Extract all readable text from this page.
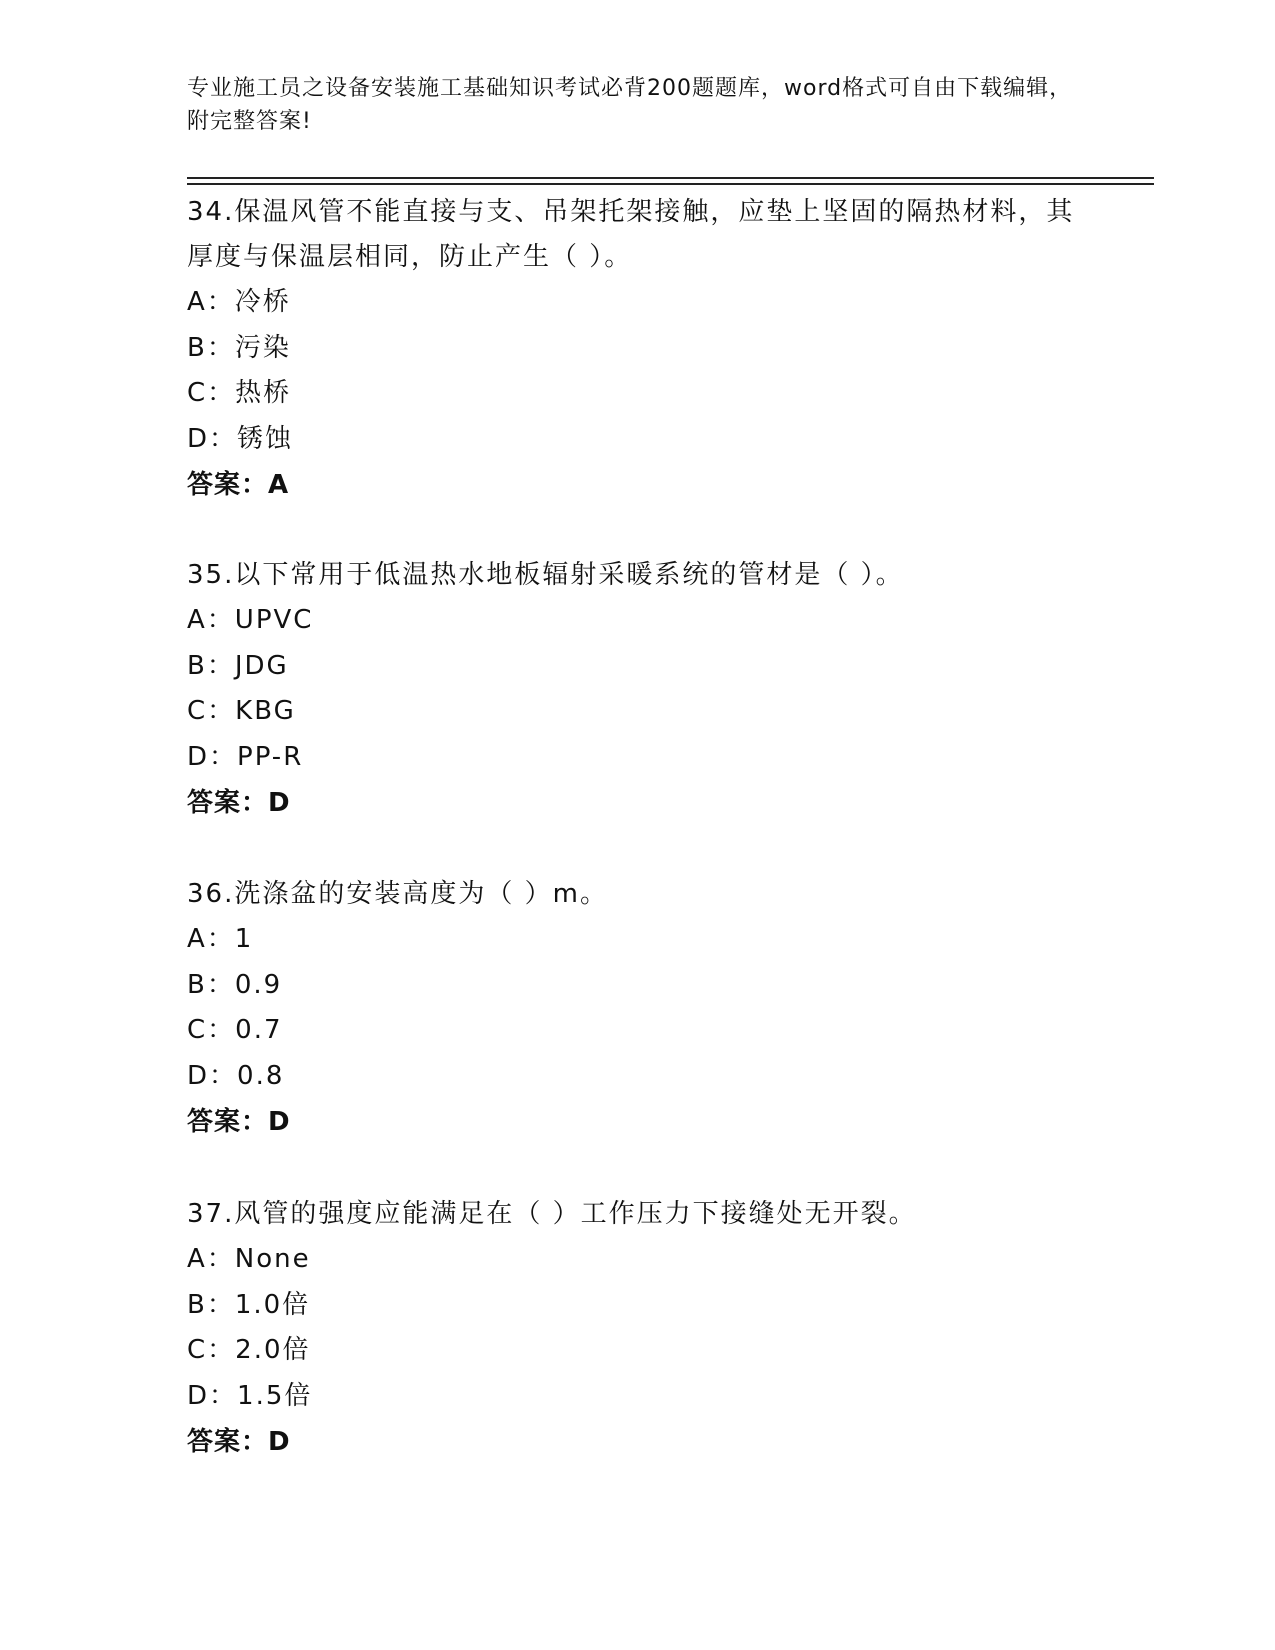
专业施工员之设备安装施工基础知识考试必背200题题库，word格式可自由下载编辑，附完整答案!

34.保温风管不能直接与支、吊架托架接触，应垫上坚固的隔热材料，其厚度与保温层相同，防止产生（ ）。

A：冷桥

B：污染

C：热桥

D：锈蚀

答案：A

35.以下常用于低温热水地板辐射采暖系统的管材是（ ）。

A：UPVC

B：JDG

C：KBG

D：PP-R

答案：D

36.洗涤盆的安装高度为（ ）m。

A：1

B：0.9

C：0.7

D：0.8

答案：D

37.风管的强度应能满足在（ ）工作压力下接缝处无开裂。

A：None

B：1.0倍

C：2.0倍

D：1.5倍

答案：D
